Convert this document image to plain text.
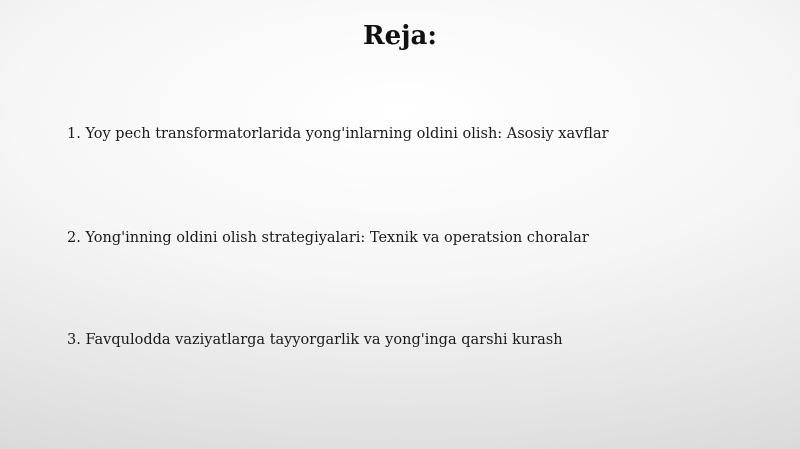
Reja:
1. Yoy pech transformatorlarida yong'inlarning oldini olish: Asosiy xavflar
2. Yong'inning oldini olish strategiyalari: Texnik va operatsion choralar
3. Favqulodda vaziyatlarga tayyorgarlik va yong'inga qarshi kurash
